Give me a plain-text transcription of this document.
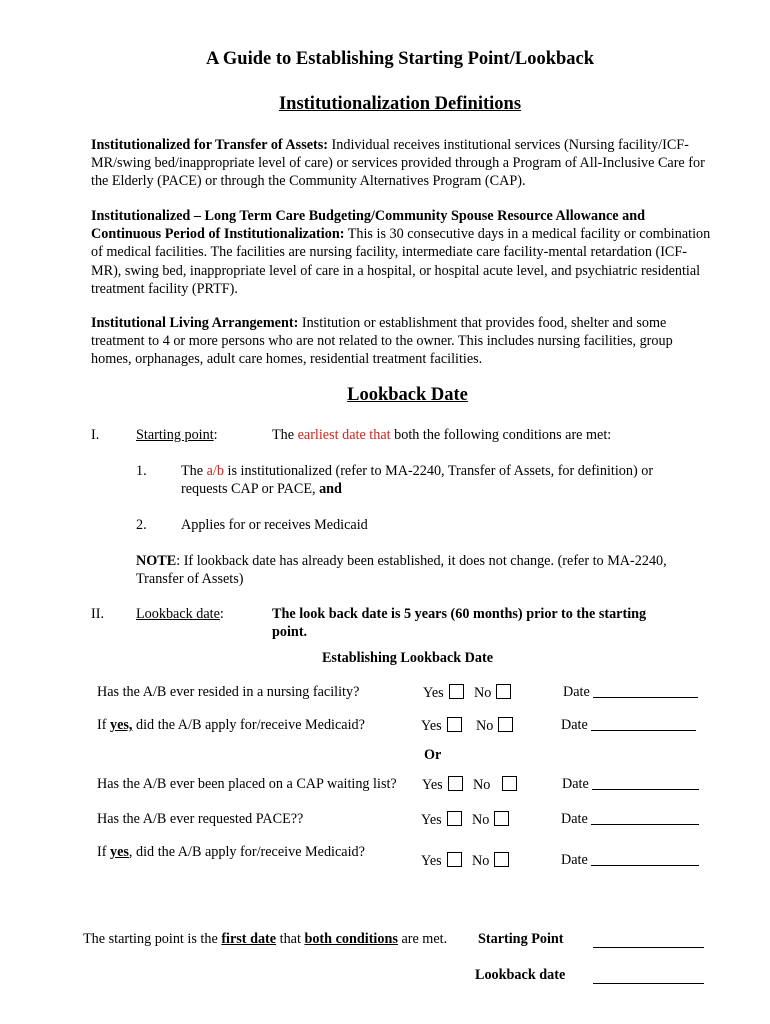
A Guide to Establishing Starting Point/Lookback
Institutionalization Definitions
Institutionalized for Transfer of Assets: Individual receives institutional services (Nursing facility/ICF-MR/swing bed/inappropriate level of care) or services provided through a Program of All-Inclusive Care for the Elderly (PACE) or through the Community Alternatives Program (CAP).
Institutionalized – Long Term Care Budgeting/Community Spouse Resource Allowance and Continuous Period of Institutionalization: This is 30 consecutive days in a medical facility or combination of medical facilities. The facilities are nursing facility, intermediate care facility-mental retardation (ICF-MR), swing bed, inappropriate level of care in a hospital, or hospital acute level, and psychiatric residential treatment facility (PRTF).
Institutional Living Arrangement: Institution or establishment that provides food, shelter and some treatment to 4 or more persons who are not related to the owner. This includes nursing facilities, group homes, orphanages, adult care homes, residential treatment facilities.
Lookback Date
I.	Starting point:	The earliest date that both the following conditions are met:
1. The a/b is institutionalized (refer to MA-2240, Transfer of Assets, for definition) or
requests CAP or PACE, and
2. Applies for or receives Medicaid
NOTE: If lookback date has already been established, it does not change. (refer to MA-2240, Transfer of Assets)
II. Lookback date:	The look back date is 5 years (60 months) prior to the starting
point.
Establishing Lookback Date
Has the A/B ever resided in a nursing facility?	Yes	No	Date
If yes, did the A/B apply for/receive Medicaid?	Yes	No	Date
Or
Has the A/B ever been placed on a CAP waiting list? Yes	No	Date
Has the A/B ever requested PACE??	Yes	No	Date
If yes, did the A/B apply for/receive Medicaid?
Yes	No	Date
The starting point is the first date that both conditions are met. Starting Point
Lookback date
